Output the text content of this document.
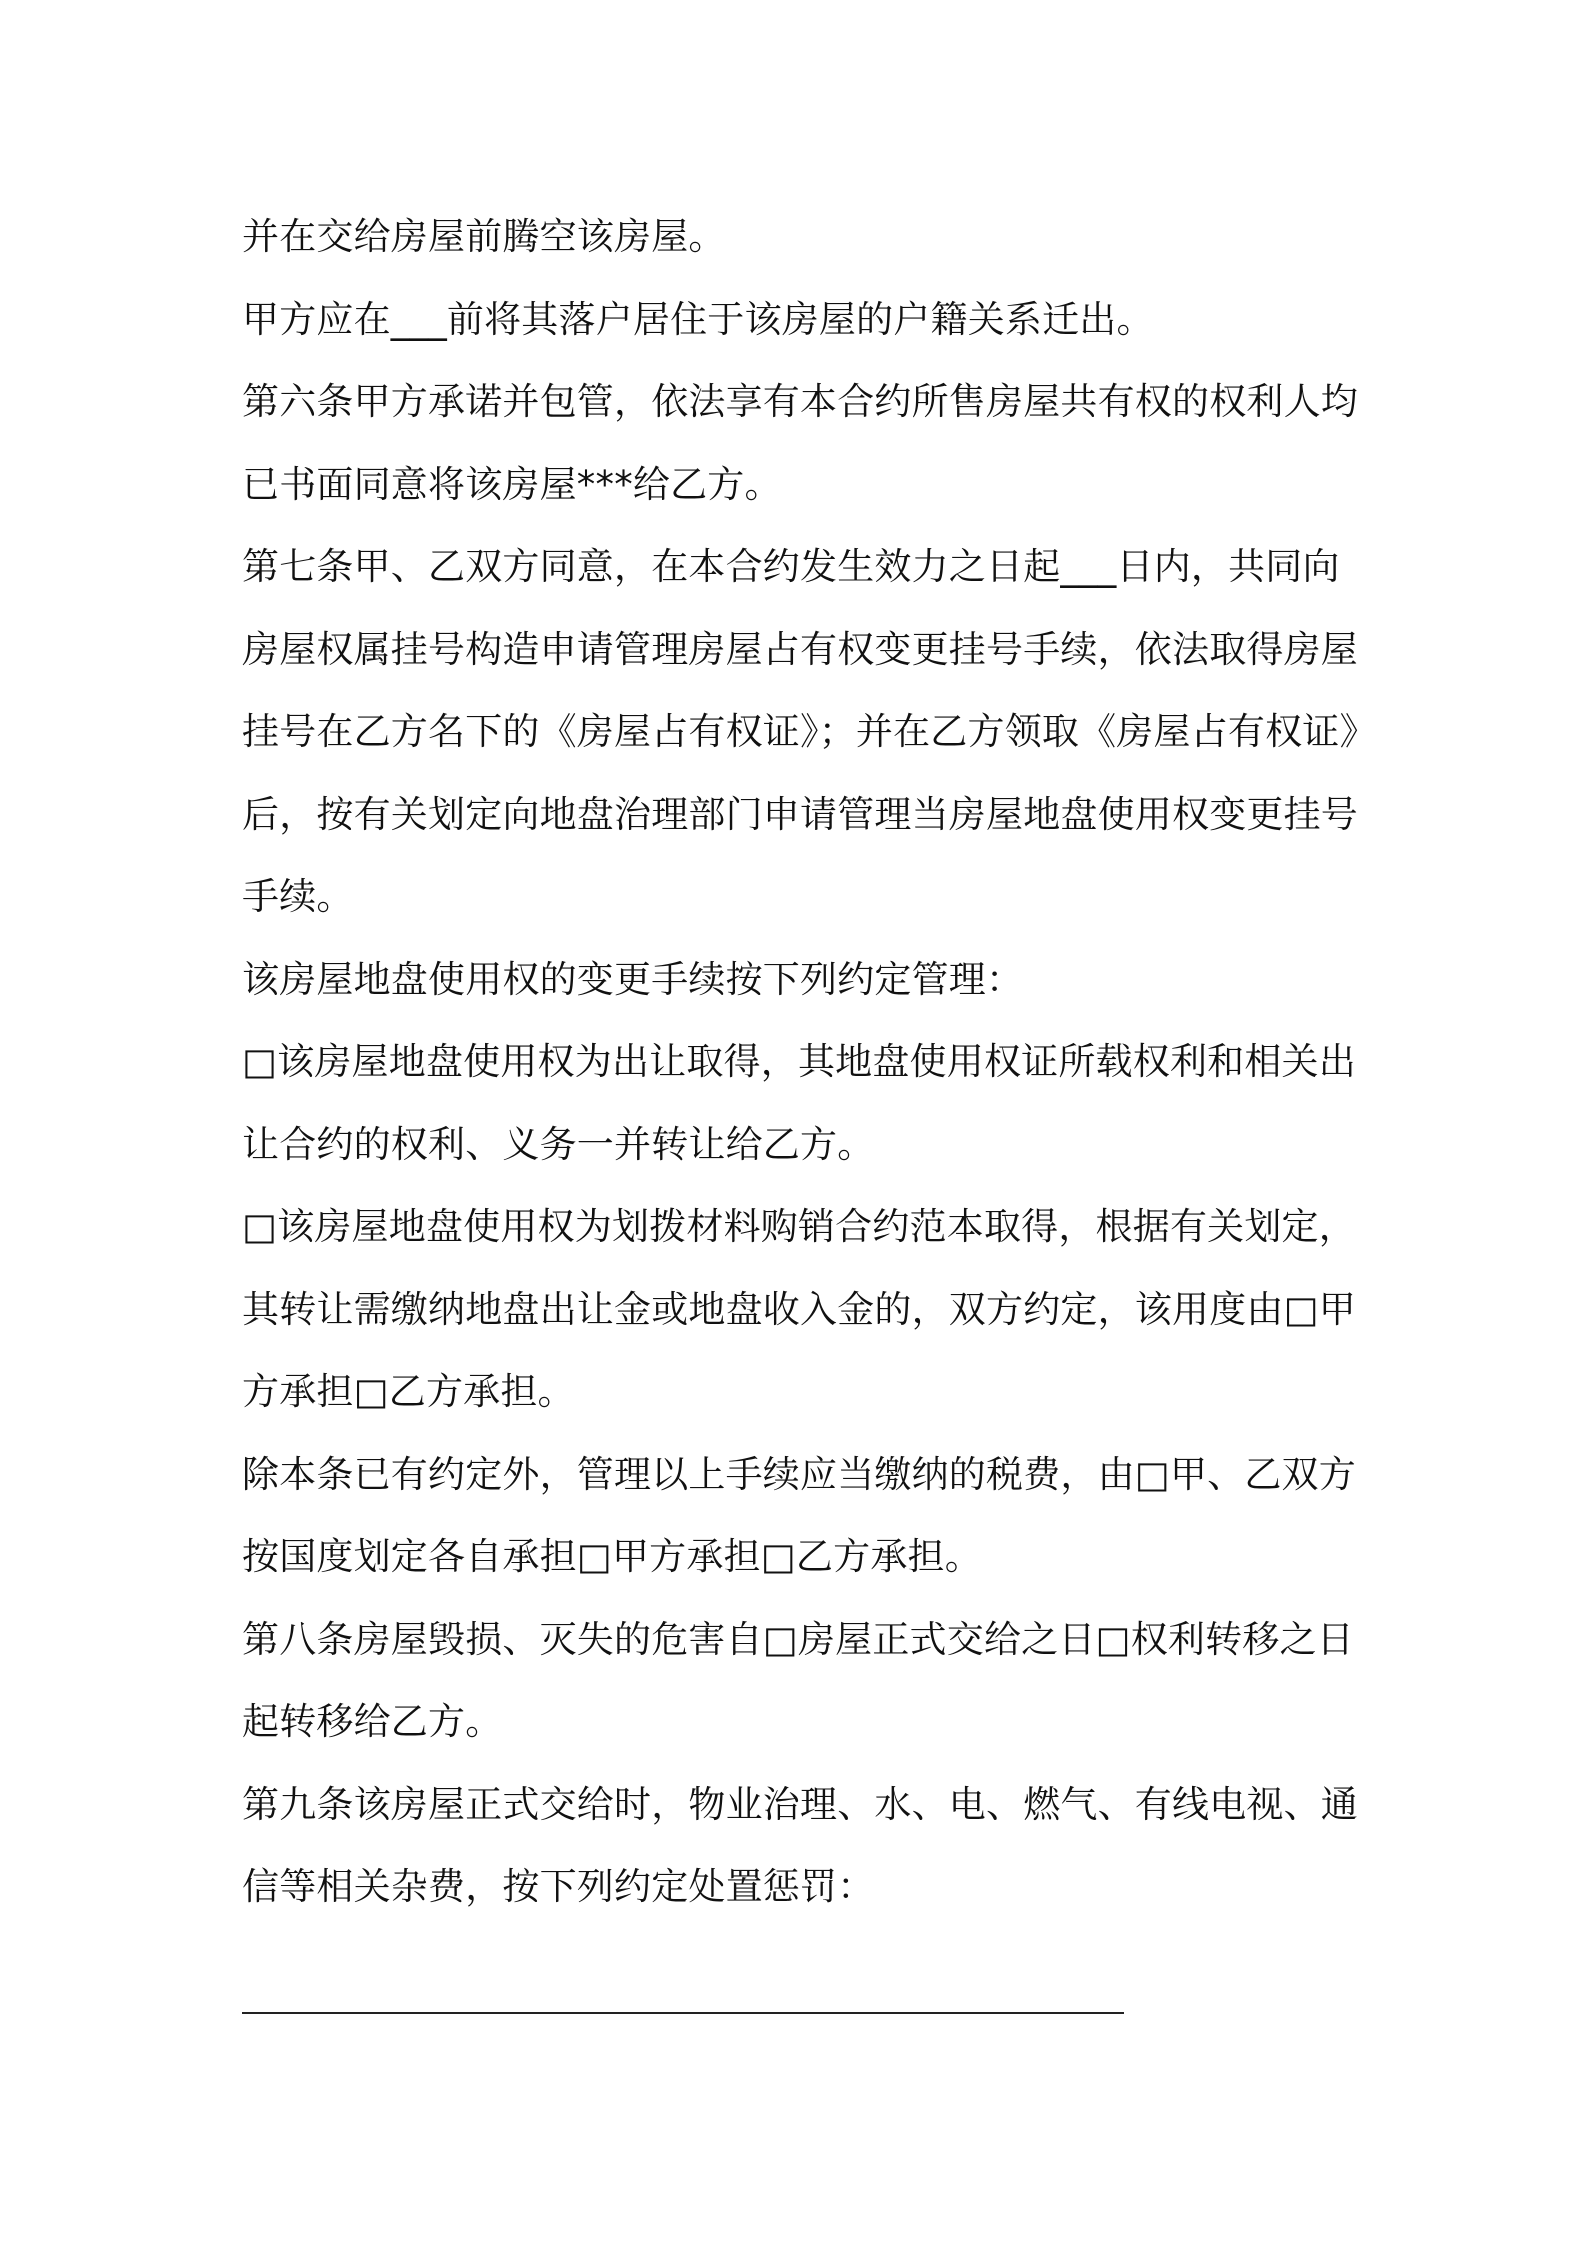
并在交给房屋前腾空该房屋。
甲方应在___前将其落户居住于该房屋的户籍关系迁出。
第六条甲方承诺并包管，依法享有本合约所售房屋共有权的权利人均
已书面同意将该房屋***给乙方。
第七条甲、乙双方同意，在本合约发生效力之日起___日内，共同向
房屋权属挂号构造申请管理房屋占有权变更挂号手续，依法取得房屋
挂号在乙方名下的《房屋占有权证》；并在乙方领取《房屋占有权证》
后，按有关划定向地盘治理部门申请管理当房屋地盘使用权变更挂号
手续。
该房屋地盘使用权的变更手续按下列约定管理：
□该房屋地盘使用权为出让取得，其地盘使用权证所载权利和相关出
让合约的权利、义务一并转让给乙方。
□该房屋地盘使用权为划拨材料购销合约范本取得，根据有关划定，
其转让需缴纳地盘出让金或地盘收入金的，双方约定，该用度由□甲
方承担□乙方承担。
除本条已有约定外，管理以上手续应当缴纳的税费，由□甲、乙双方
按国度划定各自承担□甲方承担□乙方承担。
第八条房屋毁损、灭失的危害自□房屋正式交给之日□权利转移之日
起转移给乙方。
第九条该房屋正式交给时，物业治理、水、电、燃气、有线电视、通
信等相关杂费，按下列约定处置惩罚：
